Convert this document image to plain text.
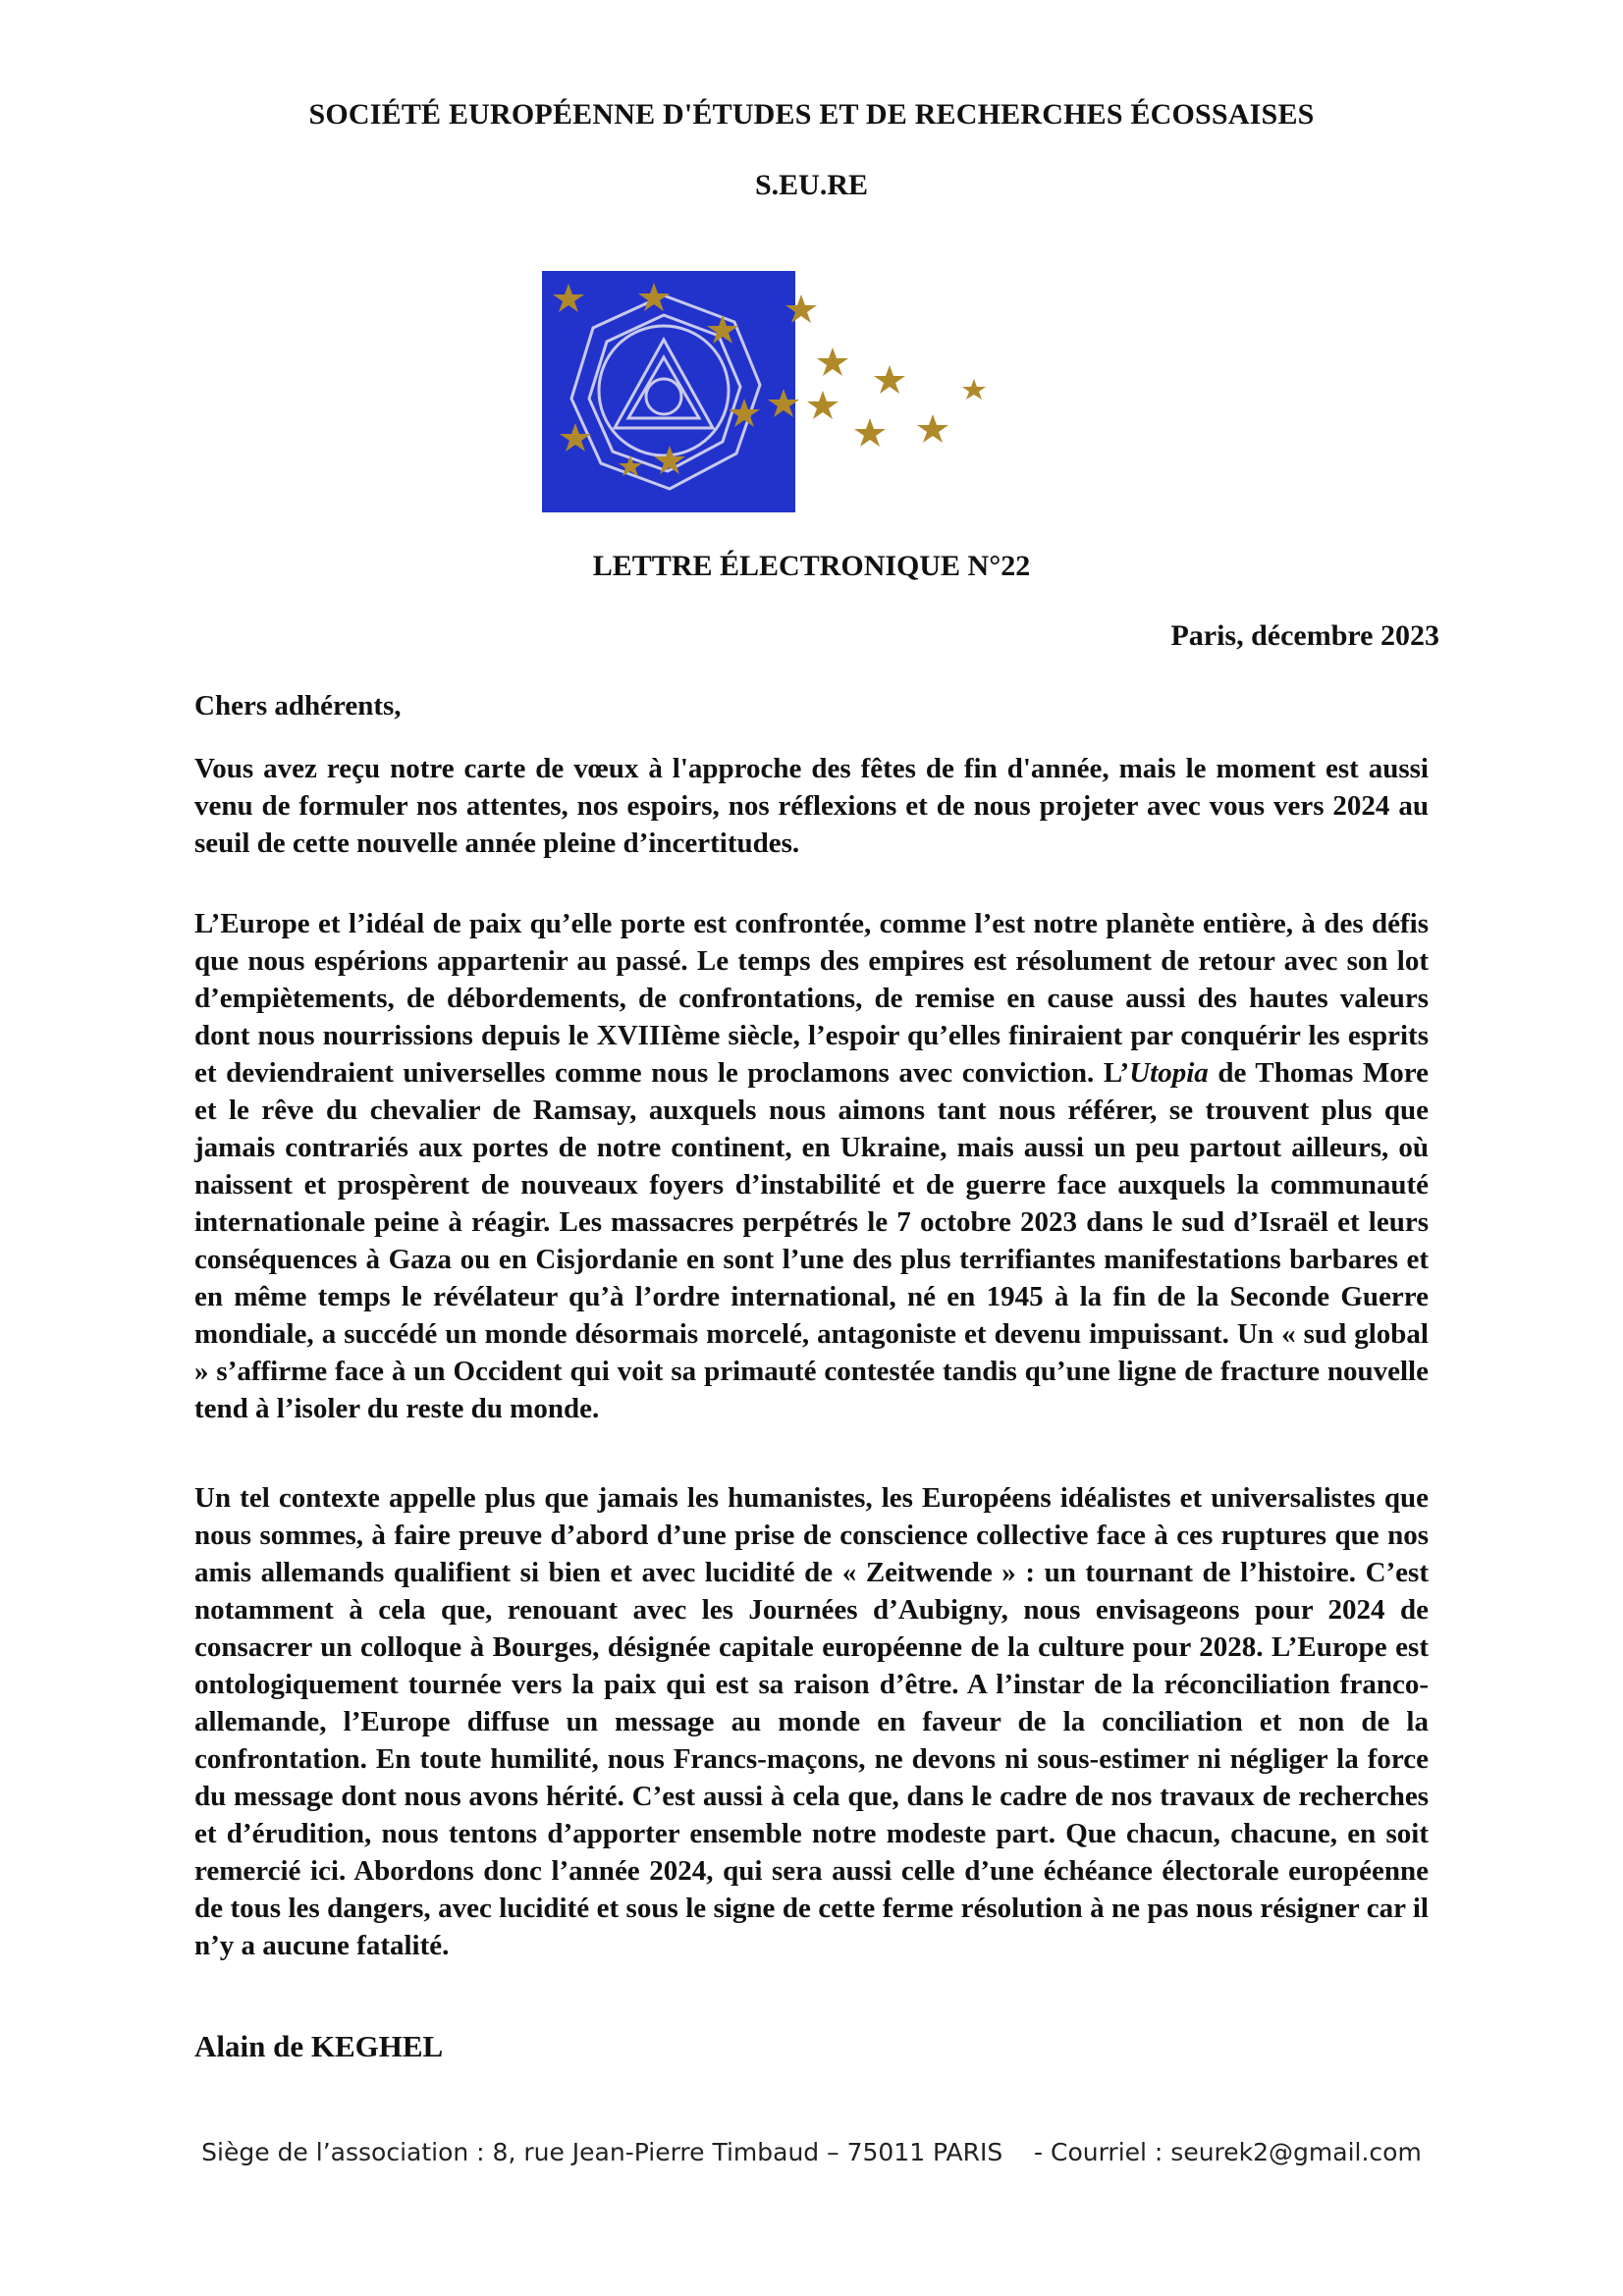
SOCIÉTÉ EUROPÉENNE D'ÉTUDES ET DE RECHERCHES ÉCOSSAISES
S.EU.RE
LETTRE ÉLECTRONIQUE N°22
Paris, décembre 2023
Chers adhérents,

Vous avez reçu notre carte de vœux à l'approche des fêtes de fin d'année, mais le moment est aussi venu de formuler nos attentes, nos espoirs, nos réflexions et de nous projeter avec vous vers 2024 au seuil de cette nouvelle année pleine d’incertitudes.

L’Europe et l’idéal de paix qu’elle porte est confrontée, comme l’est notre planète entière, à des défis que nous espérions appartenir au passé. Le temps des empires est résolument de retour avec son lot d’empiètements, de débordements, de confrontations, de remise en cause aussi des hautes valeurs dont nous nourrissions depuis le XVIIIème siècle, l’espoir qu’elles finiraient par conquérir les esprits et deviendraient universelles comme nous le proclamons avec conviction. L’Utopia de Thomas More et le rêve du chevalier de Ramsay, auxquels nous aimons tant nous référer, se trouvent plus que jamais contrariés aux portes de notre continent, en Ukraine, mais aussi un peu partout ailleurs, où naissent et prospèrent de nouveaux foyers d’instabilité et de guerre face auxquels la communauté internationale peine à réagir. Les massacres perpétrés le 7 octobre 2023 dans le sud d’Israël et leurs conséquences à Gaza ou en Cisjordanie en sont l’une des plus terrifiantes manifestations barbares et en même temps le révélateur qu’à l’ordre international, né en 1945 à la fin de la Seconde Guerre mondiale, a succédé un monde désormais morcelé, antagoniste et devenu impuissant. Un « sud global » s’affirme face à un Occident qui voit sa primauté contestée tandis qu’une ligne de fracture nouvelle tend à l’isoler du reste du monde.

Un tel contexte appelle plus que jamais les humanistes, les Européens idéalistes et universalistes que nous sommes, à faire preuve d’abord d’une prise de conscience collective face à ces ruptures que nos amis allemands qualifient si bien et avec lucidité de « Zeitwende » : un tournant de l’histoire. C’est notamment à cela que, renouant avec les Journées d’Aubigny, nous envisageons pour 2024 de consacrer un colloque à Bourges, désignée capitale européenne de la culture pour 2028. L’Europe est ontologiquement tournée vers la paix qui est sa raison d’être. A l’instar de la réconciliation franco-allemande, l’Europe diffuse un message au monde en faveur de la conciliation et non de la confrontation. En toute humilité, nous Francs-maçons, ne devons ni sous-estimer ni négliger la force du message dont nous avons hérité. C’est aussi à cela que, dans le cadre de nos travaux de recherches et d’érudition, nous tentons d’apporter ensemble notre modeste part. Que chacun, chacune, en soit remercié ici. Abordons donc l’année 2024, qui sera aussi celle d’une échéance électorale européenne de tous les dangers, avec lucidité et sous le signe de cette ferme résolution à ne pas nous résigner car il n’y a aucune fatalité.

Alain de KEGHEL
Siège de l’association : 8, rue Jean-Pierre Timbaud – 75011 PARIS    - Courriel : seurek2@gmail.com
